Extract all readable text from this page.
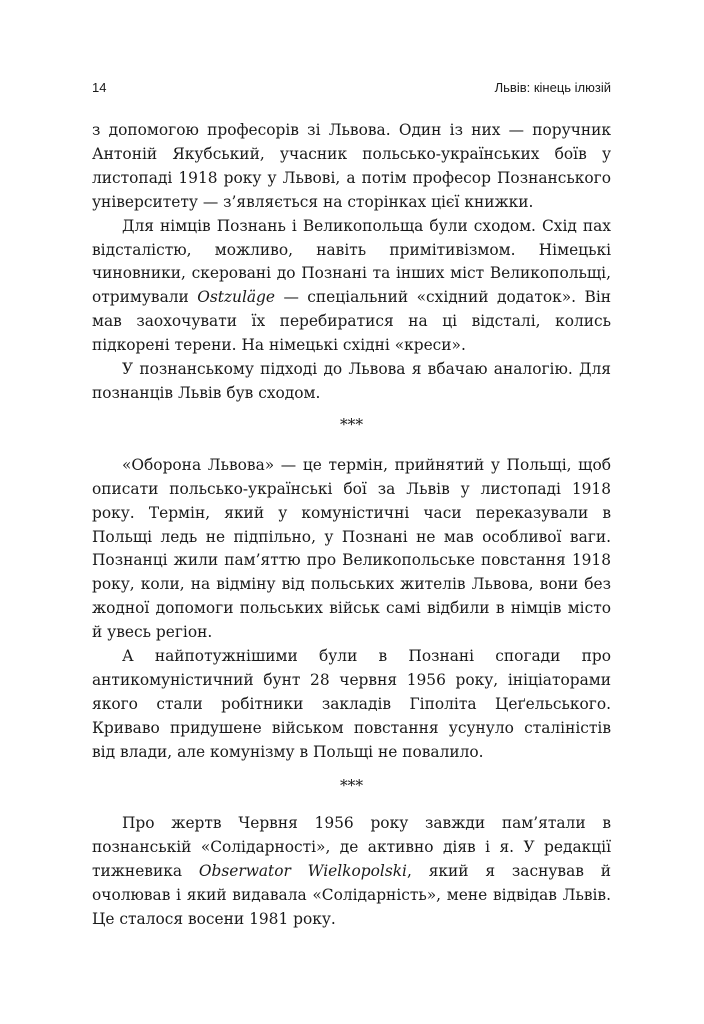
14	Львів: кінець ілюзій

з допомогою професорів зі Львова. Один із них — поручник Антоній Якубський, учасник польсько-українських боїв у листопаді 1918 року у Львові, а потім професор Познанського університету — з’являється на сторінках цієї книжки.

Для німців Познань і Великопольща були сходом. Схід пах відсталістю, можливо, навіть примітивізмом. Німецькі чиновники, скеровані до Познані та інших міст Великопольщі, отримували Ostzuläge — спеціальний «східний додаток». Він мав заохочувати їх перебиратися на ці відсталі, колись підкорені терени. На німецькі східні «креси».

У познанському підході до Львова я вбачаю аналогію. Для познанців Львів був сходом.

***

«Оборона Львова» — це термін, прийнятий у Польщі, щоб описати польсько-українські бої за Львів у листопаді 1918 року. Термін, який у комуністичні часи переказували в Польщі ледь не підпільно, у Познані не мав особливої ваги. Познанці жили пам’яттю про Великопольське повстання 1918 року, коли, на відміну від польських жителів Львова, вони без жодної допомоги польських військ самі відбили в німців місто й увесь регіон.

А найпотужнішими були в Познані спогади про антикомуністичний бунт 28 червня 1956 року, ініціаторами якого стали робітники закладів Гіполіта Цеґельського. Криваво придушене військом повстання усунуло сталіністів від влади, але комунізму в Польщі не повалило.

***

Про жертв Червня 1956 року завжди пам’ятали в познанській «Солідарності», де активно діяв і я. У редакції тижневика Obserwator Wielkopolski, який я заснував й очолював і який видавала «Солідарність», мене відвідав Львів. Це сталося восени 1981 року.
